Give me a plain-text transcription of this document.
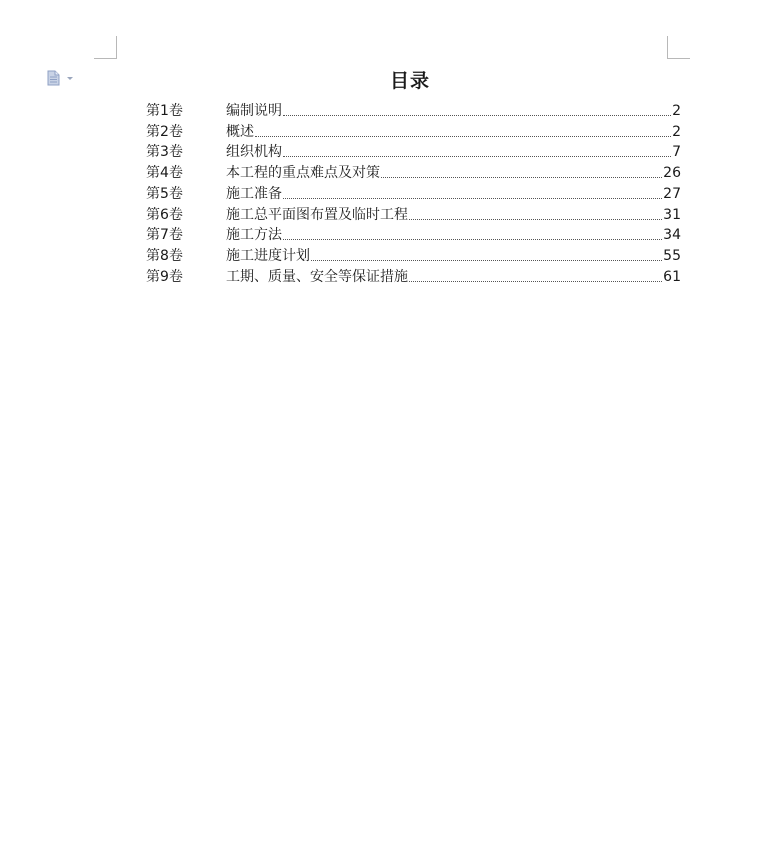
目录
第1卷	编制说明	2
第2卷	概述	2
第3卷	组织机构	7
第4卷	本工程的重点难点及对策	26
第5卷	施工准备	27
第6卷	施工总平面图布置及临时工程	31
第7卷	施工方法	34
第8卷	施工进度计划	55
第9卷	工期、质量、安全等保证措施	61
